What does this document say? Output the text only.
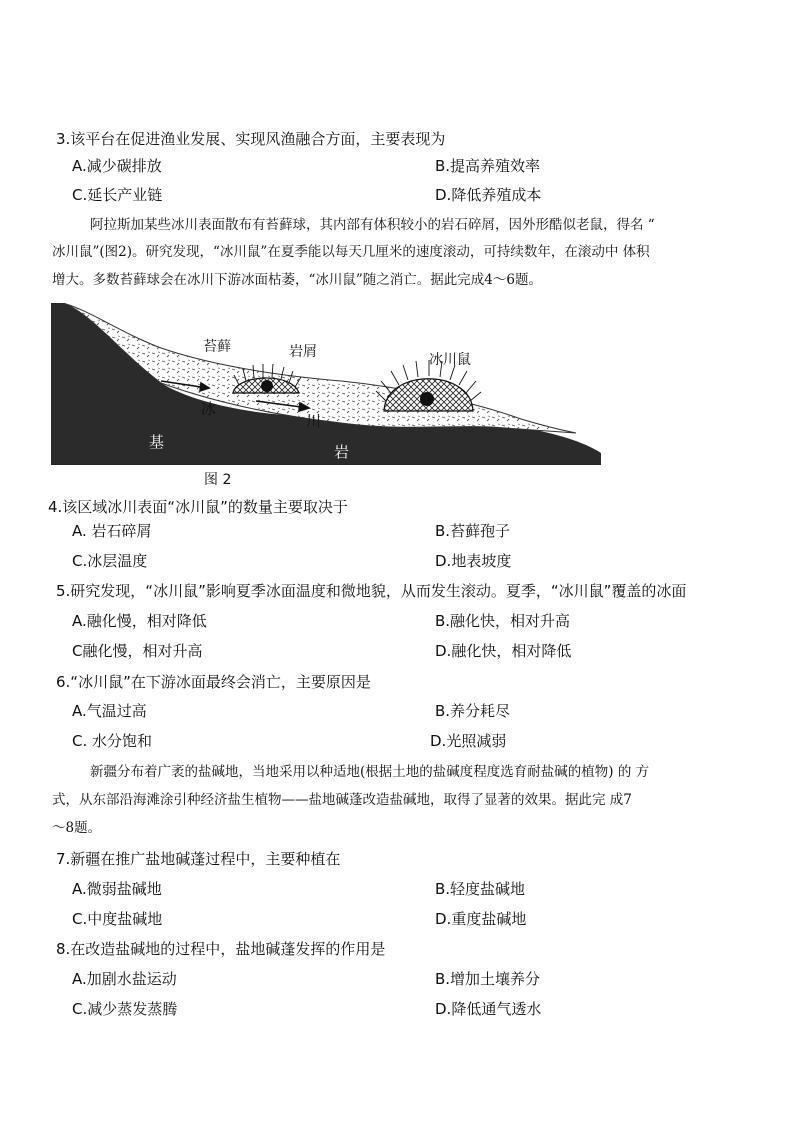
3.该平台在促进渔业发展、实现风渔融合方面，主要表现为
A.减少碳排放	B.提高养殖效率
C.延长产业链	D.降低养殖成本
阿拉斯加某些冰川表面散布有苔藓球，其内部有体积较小的岩石碎屑，因外形酷似老鼠，得名 “
冰川鼠”(图2)。研究发现，“冰川鼠”在夏季能以每天几厘米的速度滚动，可持续数年，在滚动中 体积
增大。多数苔藓球会在冰川下游冰面枯萎，“冰川鼠”随之消亡。据此完成4～6题。
苔藓	岩屑	冰川鼠
冰
川
基
岩
图 2
4.该区域冰川表面“冰川鼠”的数量主要取决于
A. 岩石碎屑	B.苔藓孢子
C.冰层温度	D.地表坡度
5.研究发现，“冰川鼠”影响夏季冰面温度和微地貌，从而发生滚动。夏季，“冰川鼠”覆盖的冰面
A.融化慢，相对降低	B.融化快，相对升高
C融化慢，相对升高	D.融化快，相对降低
6.“冰川鼠”在下游冰面最终会消亡，主要原因是
A.气温过高	B.养分耗尽
C. 水分饱和	D.光照减弱
新疆分布着广袤的盐碱地，当地采用以种适地(根据土地的盐碱度程度选育耐盐碱的植物) 的 方
式，从东部沿海滩涂引种经济盐生植物——盐地碱蓬改造盐碱地，取得了显著的效果。据此完 成7
～8题。
7.新疆在推广盐地碱蓬过程中，主要种植在
A.微弱盐碱地	B.轻度盐碱地
C.中度盐碱地	D.重度盐碱地
8.在改造盐碱地的过程中，盐地碱蓬发挥的作用是
A.加剧水盐运动	B.增加土壤养分
C.减少蒸发蒸腾	D.降低通气透水
